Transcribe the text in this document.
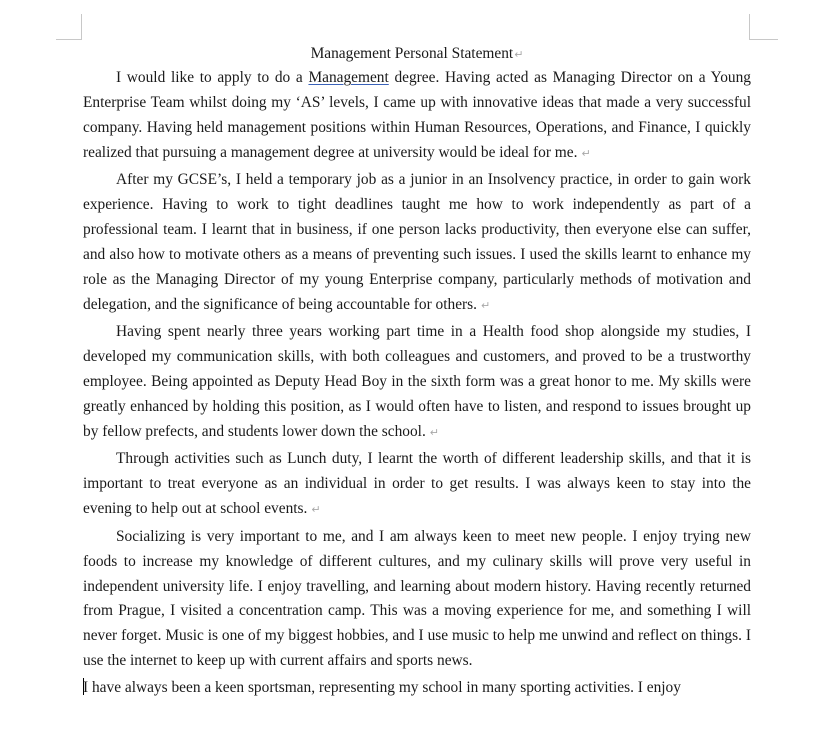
Management Personal Statement↵

I would like to apply to do a Management degree. Having acted as Managing Director on a Young Enterprise Team whilst doing my ‘AS’ levels, I came up with innovative ideas that made a very successful company. Having held management positions within Human Resources, Operations, and Finance, I quickly realized that pursuing a management degree at university would be ideal for me. ↵

After my GCSE’s, I held a temporary job as a junior in an Insolvency practice, in order to gain work experience. Having to work to tight deadlines taught me how to work independently as part of a professional team. I learnt that in business, if one person lacks productivity, then everyone else can suffer, and also how to motivate others as a means of preventing such issues. I used the skills learnt to enhance my role as the Managing Director of my young Enterprise company, particularly methods of motivation and delegation, and the significance of being accountable for others. ↵

Having spent nearly three years working part time in a Health food shop alongside my studies, I developed my communication skills, with both colleagues and customers, and proved to be a trustworthy employee. Being appointed as Deputy Head Boy in the sixth form was a great honor to me. My skills were greatly enhanced by holding this position, as I would often have to listen, and respond to issues brought up by fellow prefects, and students lower down the school. ↵

Through activities such as Lunch duty, I learnt the worth of different leadership skills, and that it is important to treat everyone as an individual in order to get results. I was always keen to stay into the evening to help out at school events. ↵

Socializing is very important to me, and I am always keen to meet new people. I enjoy trying new foods to increase my knowledge of different cultures, and my culinary skills will prove very useful in independent university life. I enjoy travelling, and learning about modern history. Having recently returned from Prague, I visited a concentration camp. This was a moving experience for me, and something I will never forget. Music is one of my biggest hobbies, and I use music to help me unwind and reflect on things. I use the internet to keep up with current affairs and sports news.

I have always been a keen sportsman, representing my school in many sporting activities. I enjoy
